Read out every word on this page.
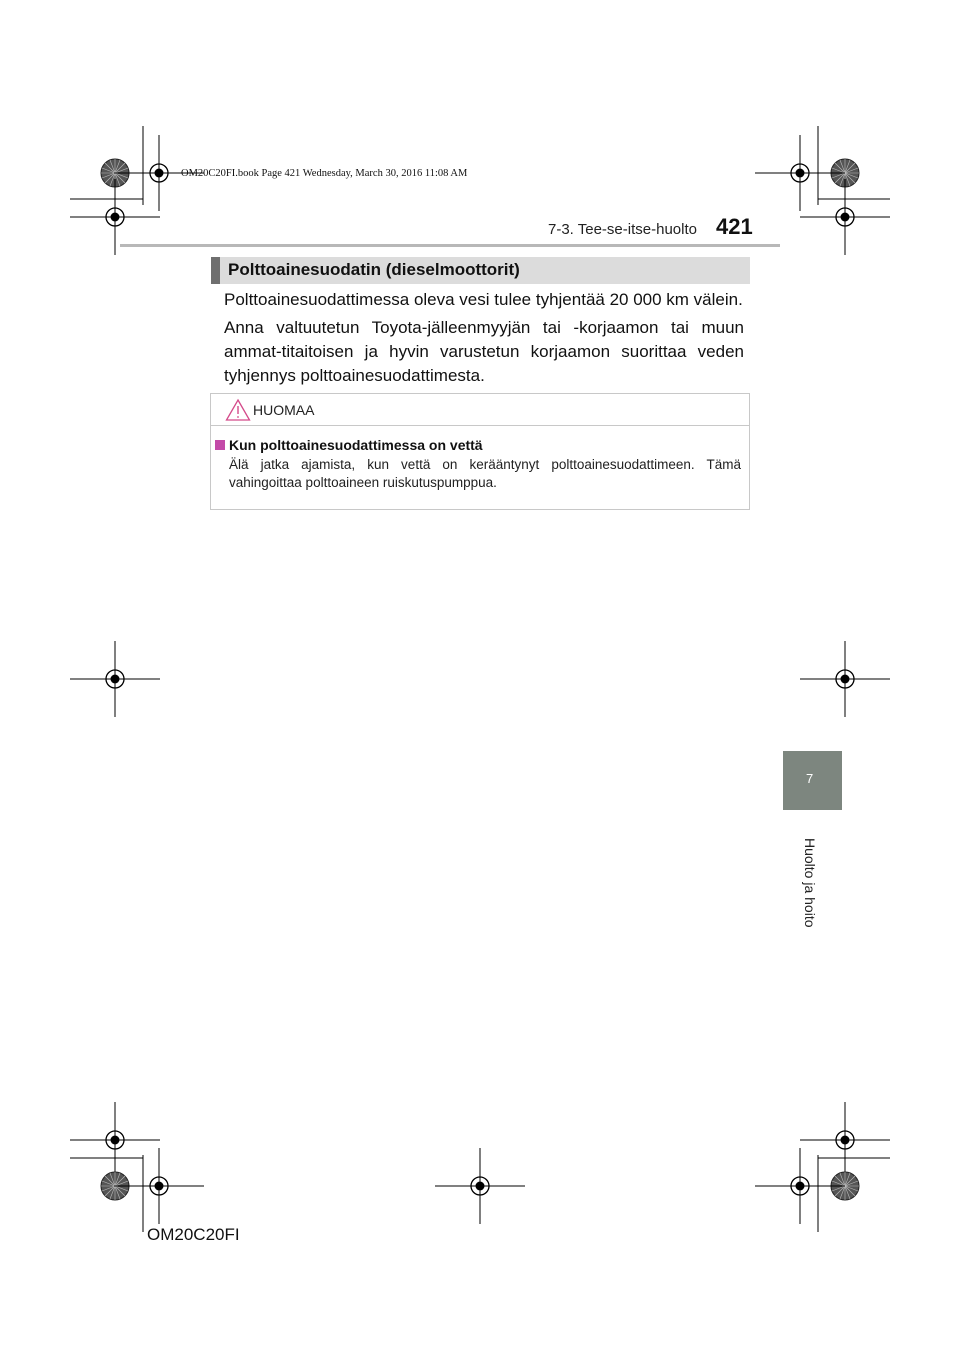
OM20C20FI.book Page 421 Wednesday, March 30, 2016 11:08 AM
7-3. Tee-se-itse-huolto 421
Polttoainesuodatin (dieselmoottorit)
Polttoainesuodattimessa oleva vesi tulee tyhjentää 20 000 km välein.
Anna valtuutetun Toyota-jälleenmyyjän tai -korjaamon tai muun ammat-titaitoisen ja hyvin varustetun korjaamon suorittaa veden tyhjennys polttoainesuodattimesta.
HUOMAA
Kun polttoainesuodattimessa on vettä
Älä jatka ajamista, kun vettä on kerääntynyt polttoainesuodattimeen. Tämä vahingoittaa polttoaineen ruiskutuspumppua.
7
Huolto ja hoito
OM20C20FI
